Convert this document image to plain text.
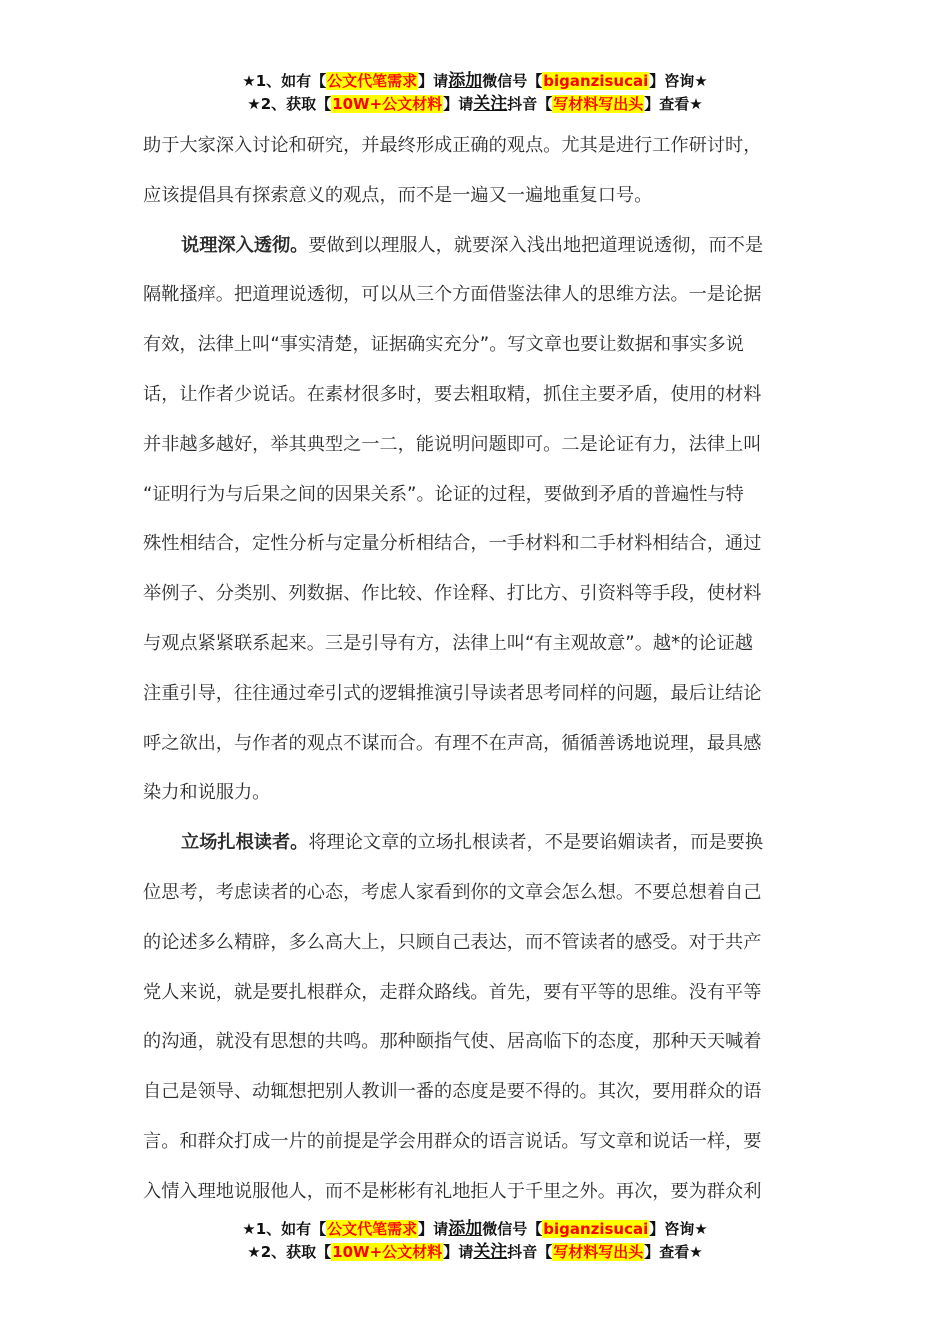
★1、如有【公文代笔需求】请添加微信号【biganzisucai】咨询★
★2、获取【10W+公文材料】请关注抖音【写材料写出头】查看★
助于大家深入讨论和研究，并最终形成正确的观点。尤其是进行工作研讨时，
应该提倡具有探索意义的观点，而不是一遍又一遍地重复口号。
说理深入透彻。要做到以理服人，就要深入浅出地把道理说透彻，而不是
隔靴搔痒。把道理说透彻，可以从三个方面借鉴法律人的思维方法。一是论据
有效，法律上叫“事实清楚，证据确实充分”。写文章也要让数据和事实多说
话，让作者少说话。在素材很多时，要去粗取精，抓住主要矛盾，使用的材料
并非越多越好，举其典型之一二，能说明问题即可。二是论证有力，法律上叫
“证明行为与后果之间的因果关系”。论证的过程，要做到矛盾的普遍性与特
殊性相结合，定性分析与定量分析相结合，一手材料和二手材料相结合，通过
举例子、分类别、列数据、作比较、作诠释、打比方、引资料等手段，使材料
与观点紧紧联系起来。三是引导有方，法律上叫“有主观故意”。越*的论证越
注重引导，往往通过牵引式的逻辑推演引导读者思考同样的问题，最后让结论
呼之欲出，与作者的观点不谋而合。有理不在声高，循循善诱地说理，最具感
染力和说服力。
立场扎根读者。将理论文章的立场扎根读者，不是要谄媚读者，而是要换
位思考，考虑读者的心态，考虑人家看到你的文章会怎么想。不要总想着自己
的论述多么精辟，多么高大上，只顾自己表达，而不管读者的感受。对于共产
党人来说，就是要扎根群众，走群众路线。首先，要有平等的思维。没有平等
的沟通，就没有思想的共鸣。那种颐指气使、居高临下的态度，那种天天喊着
自己是领导、动辄想把别人教训一番的态度是要不得的。其次，要用群众的语
言。和群众打成一片的前提是学会用群众的语言说话。写文章和说话一样，要
入情入理地说服他人，而不是彬彬有礼地拒人于千里之外。再次，要为群众利
★1、如有【公文代笔需求】请添加微信号【biganzisucai】咨询★
★2、获取【10W+公文材料】请关注抖音【写材料写出头】查看★
